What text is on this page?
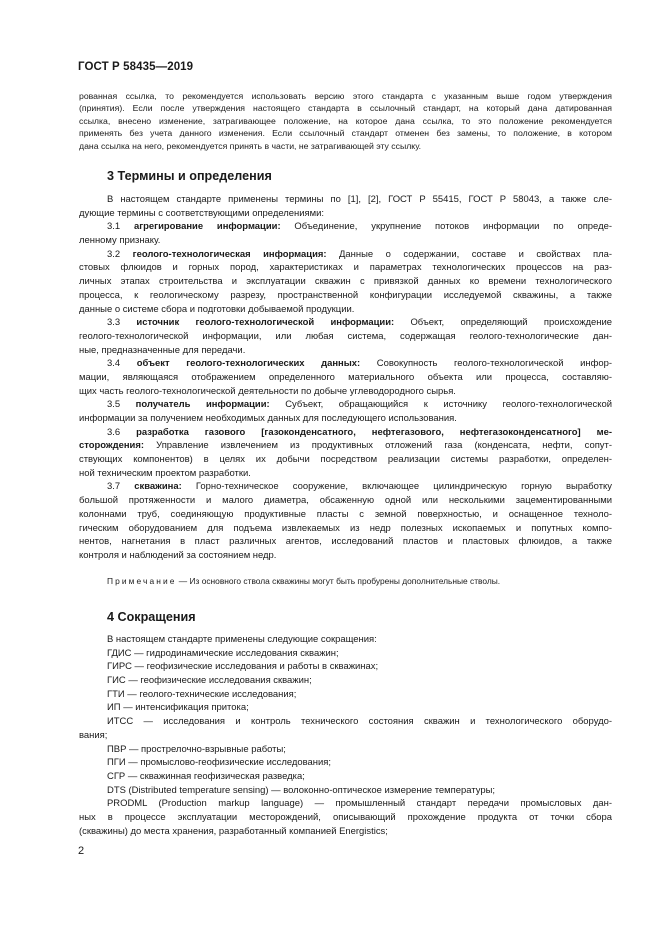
ГОСТ Р 58435—2019
рованная ссылка, то рекомендуется использовать версию этого стандарта с указанным выше годом утверждения
(принятия). Если после утверждения настоящего стандарта в ссылочный стандарт, на который дана датированная
ссылка, внесено изменение, затрагивающее положение, на которое дана ссылка, то это положение рекомендуется
применять без учета данного изменения. Если ссылочный стандарт отменен без замены, то положение, в котором
дана ссылка на него, рекомендуется принять в части, не затрагивающей эту ссылку.
3 Термины и определения
В настоящем стандарте применены термины по [1], [2], ГОСТ Р 55415, ГОСТ Р 58043, а также сле-
дующие термины с соответствующими определениями:
3.1 агрегирование информации: Объединение, укрупнение потоков информации по опреде-
ленному признаку.
3.2 геолого-технологическая информация: Данные о содержании, составе и свойствах пла-
стовых флюидов и горных пород, характеристиках и параметрах технологических процессов на раз-
личных этапах строительства и эксплуатации скважин с привязкой данных ко времени технологического
процесса, к геологическому разрезу, пространственной конфигурации исследуемой скважины, а также
данные о системе сбора и подготовки добываемой продукции.
3.3 источник геолого-технологической информации: Объект, определяющий происхождение
геолого-технологической информации, или любая система, содержащая геолого-технологические дан-
ные, предназначенные для передачи.
3.4 объект геолого-технологических данных: Совокупность геолого-технологической инфор-
мации, являющаяся отображением определенного материального объекта или процесса, составляю-
щих часть геолого-технологической деятельности по добыче углеводородного сырья.
3.5 получатель информации: Субъект, обращающийся к источнику геолого-технологической
информации за получением необходимых данных для последующего использования.
3.6 разработка газового [газоконденсатного, нефтегазового, нефтегазоконденсатного] ме-
сторождения: Управление извлечением из продуктивных отложений газа (конденсата, нефти, сопут-
ствующих компонентов) в целях их добычи посредством реализации системы разработки, определен-
ной техническим проектом разработки.
3.7 скважина: Горно-техническое сооружение, включающее цилиндрическую горную выработку
большой протяженности и малого диаметра, обсаженную одной или несколькими зацементированными
колоннами труб, соединяющую продуктивные пласты с земной поверхностью, и оснащенное техноло-
гическим оборудованием для подъема извлекаемых из недр полезных ископаемых и попутных компо-
нентов, нагнетания в пласт различных агентов, исследований пластов и пластовых флюидов, а также
контроля и наблюдений за состоянием недр.
Примечание — Из основного ствола скважины могут быть пробурены дополнительные стволы.
4 Сокращения
В настоящем стандарте применены следующие сокращения:
ГДИС — гидродинамические исследования скважин;
ГИРС — геофизические исследования и работы в скважинах;
ГИС — геофизические исследования скважин;
ГТИ — геолого-технические исследования;
ИП — интенсификация притока;
ИТСС — исследования и контроль технического состояния скважин и технологического оборудо-
вания;
ПВР — прострелочно-взрывные работы;
ПГИ — промыслово-геофизические исследования;
СГР — скважинная геофизическая разведка;
DTS (Distributed temperature sensing) — волоконно-оптическое измерение температуры;
PRODML (Production markup language) — промышленный стандарт передачи промысловых дан-
ных в процессе эксплуатации месторождений, описывающий прохождение продукта от точки сбора
(скважины) до места хранения, разработанный компанией Energistics;
2
